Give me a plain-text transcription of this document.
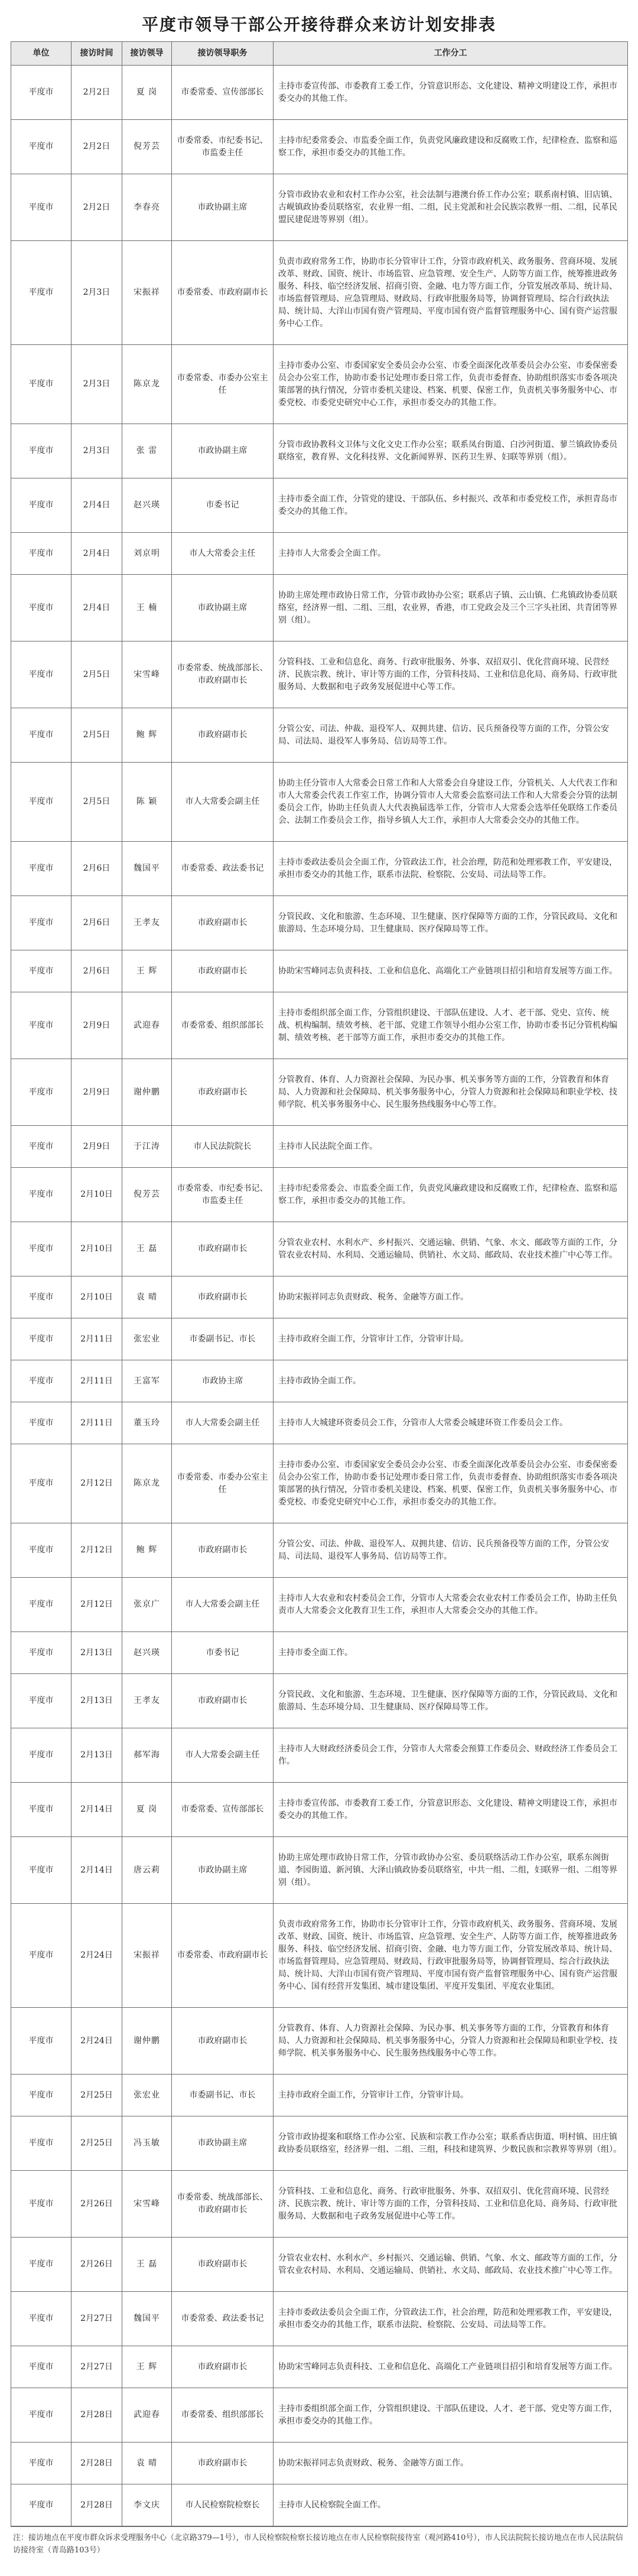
平度市领导干部公开接待群众来访计划安排表
单位	接访时间	接访领导	接访领导职务	工作分工
平度市	2月2日	夏 岗	市委常委、宣传部部长	主持市委宣传部、市委教育工委工作，分管意识形态、文化建设、精神文明建设工作，承担市委交办的其他工作。
平度市	2月2日	倪芳芸	市委常委、市纪委书记、市监委主任	主持市纪委常委会、市监委全面工作，负责党风廉政建设和反腐败工作，纪律检查、监察和巡察工作，承担市委交办的其他工作。
平度市	2月2日	李春亮	市政协副主席	分管市政协农业和农村工作办公室，社会法制与港澳台侨工作办公室；联系南村镇、旧店镇、古岘镇政协委员联络室，农业界一组、二组，民主党派和社会民族宗教界一组、二组，民革民盟民建促进等界别（组）。
平度市	2月3日	宋振祥	市委常委、市政府副市长	负责市政府常务工作，协助市长分管审计工作，分管市政府机关、政务服务、营商环境、发展改革、财政、国资、统计、市场监管、应急管理、安全生产、人防等方面工作，统筹推进政务服务、科技、临空经济发展、招商引资、金融、电力等方面工作，分管发展改革局、统计局、市场监督管理局、应急管理局、财政局、行政审批服务局等，协调督管理局、综合行政执法局、统计局、大洋山市国有资产管理局、平度市国有资产监督管理服务中心、国有资产运营服务中心工作。
平度市	2月3日	陈京龙	市委常委、市委办公室主任	主持市委办公室、市委国家安全委员会办公室、市委全面深化改革委员会办公室、市委保密委员会办公室工作，协助市委书记处理市委日常工作，负责市委督查、协助组织落实市委各项决策部署的执行情况，分管市委机关建设、档案、机要、保密工作，负责机关事务服务中心、市委党校、市委党史研究中心工作，承担市委交办的其他工作。
平度市	2月3日	张 雷	市政协副主席	分管市政协教科文卫体与文化文史工作办公室；联系凤台街道、白沙河街道、蓼兰镇政协委员联络室，教育界、文化科技界、文化新闻界界、医药卫生界、妇联等界别（组）。
平度市	2月4日	赵兴瑛	市委书记	主持市委全面工作，分管党的建设、干部队伍、乡村振兴、改革和市委党校工作，承担青岛市委交办的其他工作。
平度市	2月4日	刘京明	市人大常委会主任	主持市人大常委会全面工作。
平度市	2月4日	王 楠	市政协副主席	协助主席处理市政协日常工作，分管市政协办公室；联系店子镇、云山镇、仁兆镇政协委员联络室，经济界一组、二组、三组，农业界，香港，市工党政会及三个三字头社团、共青团等界别（组）。
平度市	2月5日	宋雪峰	市委常委、统战部部长、市政府副市长	分管科技、工业和信息化、商务、行政审批服务、外事、双招双引、优化营商环境、民营经济、民族宗教、统计、审计等方面的工作，分管科技局、工业和信息化局、商务局、行政审批服务局、大数据和电子政务发展促进中心等工作。
平度市	2月5日	鲍 辉	市政府副市长	分管公安、司法、仲裁、退役军人、双拥共建、信访、民兵预备役等方面的工作，分管公安局、司法局、退役军人事务局、信访局等工作。
平度市	2月5日	陈 颖	市人大常委会副主任	协助主任分管市人大常委会日常工作和人大常委会自身建设工作，分管机关、人大代表工作和市人大常委会代表工作室工作，协调分管市人大常委会监察司法工作和人大常委会分管的法制委员会工作，协助主任负责人大代表换届选举工作，分管市人大常委会选举任免联络工作委员会、法制工作委员会工作，指导乡镇人大工作，承担市人大常委会交办的其他工作。
平度市	2月6日	魏国平	市委常委、政法委书记	主持市委政法委员会全面工作，分管政法工作，社会治理，防范和处理邪教工作，平安建设，承担市委交办的其他工作，联系市法院、检察院、公安局、司法局等工作。
平度市	2月6日	王孝友	市政府副市长	分管民政、文化和旅游、生态环境、卫生健康、医疗保障等方面的工作，分管民政局、文化和旅游局、生态环境分局、卫生健康局、医疗保障局等工作。
平度市	2月6日	王 辉	市政府副市长	协助宋雪峰同志负责科技、工业和信息化、高端化工产业链项目招引和培育发展等方面工作。
平度市	2月9日	武迎春	市委常委、组织部部长	主持市委组织部全面工作，分管组织建设、干部队伍建设、人才、老干部、党史、宣传、统战、机构编制、绩效考核、老干部、党建工作领导小组办公室工作，协助市委书记分管机构编制、绩效考核、老干部等方面工作，承担市委交办的其他工作。
平度市	2月9日	谢仲鹏	市政府副市长	分管教育、体育、人力资源社会保障、为民办事、机关事务等方面的工作，分管教育和体育局、人力资源和社会保障局、机关事务服务中心，分管人力资源和社会保障局和职业学校、技师学院、机关事务服务中心、民生服务热线服务中心等工作。
平度市	2月9日	于江涛	市人民法院院长	主持市人民法院全面工作。
平度市	2月10日	倪芳芸	市委常委、市纪委书记、市监委主任	主持市纪委常委会、市监委全面工作，负责党风廉政建设和反腐败工作，纪律检查、监察和巡察工作，承担市委交办的其他工作。
平度市	2月10日	王 磊	市政府副市长	分管农业农村、水利水产、乡村振兴、交通运输、供销、气象、水文、邮政等方面的工作，分管农业农村局、水利局、交通运输局、供销社、水文局、邮政局、农业技术推广中心等工作。
平度市	2月10日	袁 晴	市政府副市长	协助宋振祥同志负责财政、税务、金融等方面工作。
平度市	2月11日	张宏业	市委副书记、市长	主持市政府全面工作，分管审计工作，分管审计局。
平度市	2月11日	王富军	市政协主席	主持市政协全面工作。
平度市	2月11日	董玉玲	市人大常委会副主任	主持市人大城建环资委员会工作，分管市人大常委会城建环资工作委员会工作。
平度市	2月12日	陈京龙	市委常委、市委办公室主任	主持市委办公室、市委国家安全委员会办公室、市委全面深化改革委员会办公室、市委保密委员会办公室工作，协助市委书记处理市委日常工作，负责市委督查、协助组织落实市委各项决策部署的执行情况，分管市委机关建设、档案、机要、保密工作，负责机关事务服务中心、市委党校、市委党史研究中心工作，承担市委交办的其他工作。
平度市	2月12日	鲍 辉	市政府副市长	分管公安、司法、仲裁、退役军人、双拥共建、信访、民兵预备役等方面的工作，分管公安局、司法局、退役军人事务局、信访局等工作。
平度市	2月12日	张京广	市人大常委会副主任	主持市人大农业和农村委员会工作，分管市人大常委会农业农村工作委员会工作，协助主任负责市人大常委会文化教育卫生工作，承担市人大常委会交办的其他工作。
平度市	2月13日	赵兴瑛	市委书记	主持市委全面工作。
平度市	2月13日	王孝友	市政府副市长	分管民政、文化和旅游、生态环境、卫生健康、医疗保障等方面的工作，分管民政局、文化和旅游局、生态环境分局、卫生健康局、医疗保障局等工作。
平度市	2月13日	郝军海	市人大常委会副主任	主持市人大财政经济委员会工作，分管市人大常委会预算工作委员会、财政经济工作委员会工作。
平度市	2月14日	夏 岗	市委常委、宣传部部长	主持市委宣传部、市委教育工委工作，分管意识形态、文化建设、精神文明建设工作，承担市委交办的其他工作。
平度市	2月14日	唐云莉	市政协副主席	协助主席处理市政协日常工作，分管市政协办公室、委员联络活动工作办公室，联系东阁街道、李园街道、新河镇、大泽山镇政协委员联络室，中共一组、二组，妇联界一组、二组等界别（组）。
平度市	2月24日	宋振祥	市委常委、市政府副市长	负责市政府常务工作，协助市长分管审计工作，分管市政府机关、政务服务、营商环境、发展改革、财政、国资、统计、市场监管、应急管理、安全生产、人防等方面工作，统筹推进政务服务、科技、临空经济发展、招商引资、金融、电力等方面工作，分管发展改革局、统计局、市场监督管理局、应急管理局、财政局、行政审批服务局等，协调督管理局、综合行政执法局、统计局、大洋山市国有资产管理局、平度市国有资产监督管理服务中心、国有资产运营服务中心、国有经营开发集团、城市建设集团、平度开发集团、平度农业集团。
平度市	2月24日	谢仲鹏	市政府副市长	分管教育、体育、人力资源社会保障、为民办事、机关事务等方面的工作，分管教育和体育局、人力资源和社会保障局、机关事务服务中心，分管人力资源和社会保障局和职业学校、技师学院、机关事务服务中心、民生服务热线服务中心等工作。
平度市	2月25日	张宏业	市委副书记、市长	主持市政府全面工作，分管审计工作，分管审计局。
平度市	2月25日	冯玉敏	市政协副主席	分管市政协提案和联络工作办公室、民族和宗教工作办公室；联系香店街道、明村镇、田庄镇政协委员联络室，经济界一组、二组、三组，科技和建筑界、少数民族和宗教界等界别（组）。
平度市	2月26日	宋雪峰	市委常委、统战部部长、市政府副市长	分管科技、工业和信息化、商务、行政审批服务、外事、双招双引、优化营商环境、民营经济、民族宗教、统计、审计等方面的工作，分管科技局、工业和信息化局、商务局、行政审批服务局、大数据和电子政务发展促进中心等工作。
平度市	2月26日	王 磊	市政府副市长	分管农业农村、水利水产、乡村振兴、交通运输、供销、气象、水文、邮政等方面的工作，分管农业农村局、水利局、交通运输局、供销社、水文局、邮政局、农业技术推广中心等工作。
平度市	2月27日	魏国平	市委常委、政法委书记	主持市委政法委员会全面工作，分管政法工作，社会治理，防范和处理邪教工作，平安建设，承担市委交办的其他工作，联系市法院、检察院、公安局、司法局等工作。
平度市	2月27日	王 辉	市政府副市长	协助宋雪峰同志负责科技、工业和信息化、高端化工产业链项目招引和培育发展等方面工作。
平度市	2月28日	武迎春	市委常委、组织部部长	主持市委组织部全面工作，分管组织建设、干部队伍建设、人才、老干部、党史等方面工作，承担市委交办的其他工作。
平度市	2月28日	袁 晴	市政府副市长	协助宋振祥同志负责财政、税务、金融等方面工作。
平度市	2月28日	李文庆	市人民检察院检察长	主持市人民检察院全面工作。
注：接访地点在平度市群众诉求受理服务中心（北京路379—1号），市人民检察院检察长接访地点在市人民检察院接待室（观河路410号），市人民法院院长接访地点在市人民法院信访接待室（青岛路103号）
